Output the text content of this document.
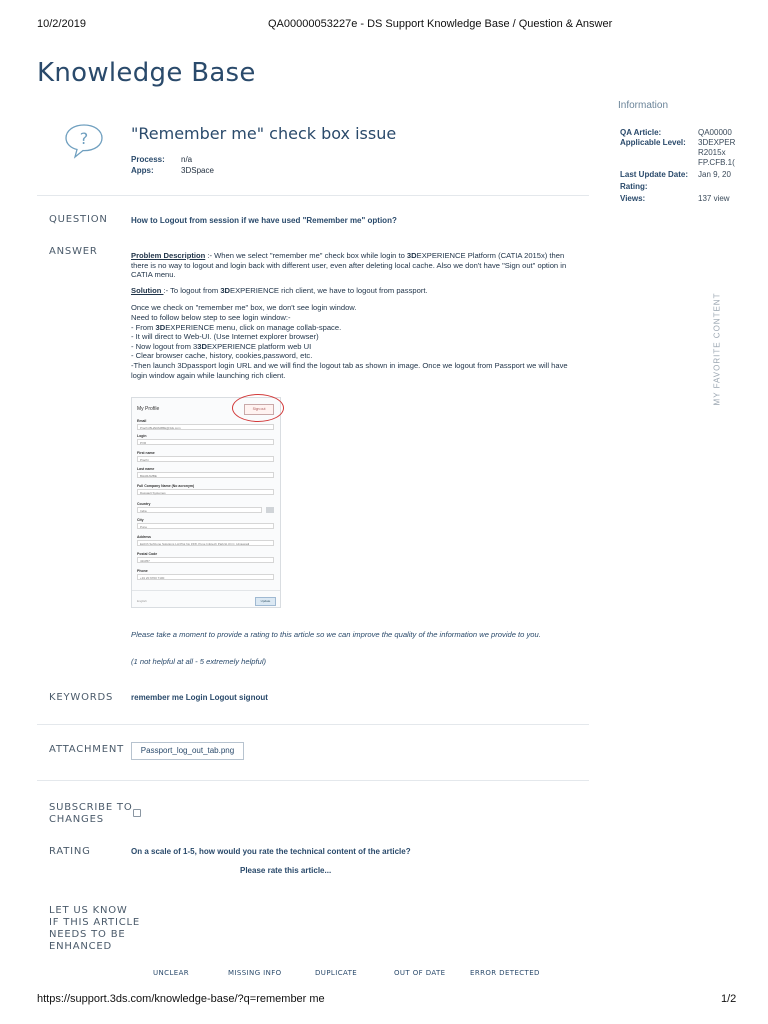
10/2/2019	QA00000053227e - DS Support Knowledge Base / Question & Answer
Knowledge Base
Information
QA Article:	QA00000
Applicable Level:	3DEXPER
R2015x
FP.CFB.1(
Last Update Date:	Jan 9, 20
Rating:
Views:	137 view
?	"Remember me" check box issue
Process: n/a
Apps:	3DSpace
QUESTION	How to Logout from session if we have used "Remember me" option?
ANSWER	Problem Description :- When we select "remember me" check box while login to 3DEXPERIENCE Platform (CATIA 2015x) then there is no way to logout and login back with different user, even after deleting local cache. Also we don't have "Sign out" option in CATIA menu.

Solution :- To logout from 3DEXPERIENCE rich client, we have to logout from passport.

Once we check on "remember me" box, we don't see login window.
Need to follow below step to see login window:-
- From 3DEXPERIENCE menu, click on manage collab-space.
- It will direct to Web-UI. (Use Internet explorer browser)
- Now logout from 33DEXPERIENCE platform web UI
- Clear browser cache, history, cookies,password, etc.
-Then launch 3Dpassport login URL and we will find the logout tab as shown in image. Once we logout from Passport we will have login window again while launching rich client.
My Profile	Sign out
Email
Prachi.BHARAMBE@3ds.com
Login
PVR
First name
Prachi
Last name
BHARAMBE
Full Company Name (No acronym)
Dassault Systemes
Country
India
City
Pune
Address
Eighth Softzone Solutions Ltd Plot No 15/8, Pune Infotech Park/H.I.D.C, Hinjewadi
Postal Code
411057
Phone
+91 20 6700 7100
English	Update
Please take a moment to provide a rating to this article so we can improve the quality of the information we provide to you.
(1 not helpful at all - 5 extremely helpful)
MY FAVORITE CONTENT
KEYWORDS remember me Login Logout signout
ATTACHMENT	Passport_log_out_tab.png
SUBSCRIBE TO
CHANGES
RATING	On a scale of 1-5, how would you rate the technical content of the article?
Please rate this article...
LET US KNOW
IF THIS ARTICLE
NEEDS TO BE
ENHANCED
UNCLEAR	MISSING INFO	DUPLICATE	OUT OF DATE	ERROR DETECTED
https://support.3ds.com/knowledge-base/?q=remember me	1/2
